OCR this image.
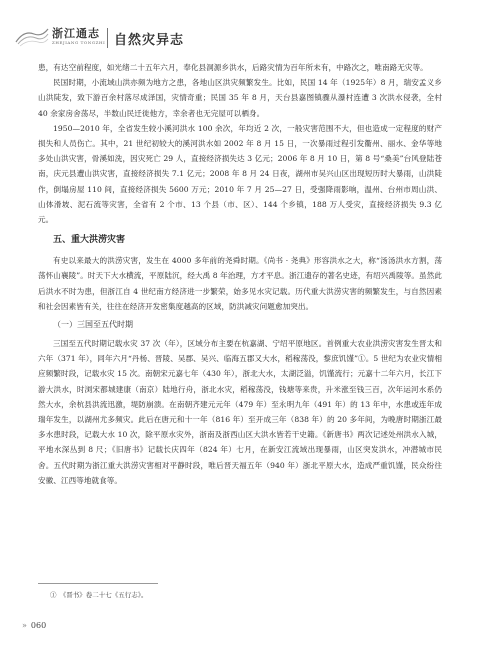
浙江通志
ZHEJIANG TONGZHI 自然灾异志

患，有达空前程度，如光绪二十五年六月，奉化县洞源乡洪水，后路灾情为百年所未有，中路次之，唯南路无灾等。

民国时期，小流域山洪亦频为地方之患，各地山区洪灾频繁发生。比如，民国 14 年（1925年）8 月，瑞安孟义乡山洪陡发，致下游百余村落尽成泽国，灾情奇重；民国 35 年 8 月，天台县嘉图镇骤从瀑村连遭 3 次洪水侵袭，全村 40 余家房舍荡尽，半数山民迁徙他方，幸余者也无完屋可以栖身。

1950—2010 年，全省发生较小溪河洪水 100 余次，年均近 2 次，一般灾害范围不大，但也造成一定程度的财产损失和人员伤亡。其中，21 世纪初较大的溪河洪水如 2002 年 8 月 15 日，一次暴雨过程引发衢州、丽水、金华等地多处山洪灾害，骨溪如洗，因灾死亡 29 人，直接经济损失达 3 亿元；2006 年 8 月 10 日，第 8 号“桑美”台风登陆苍南，庆元县遭山洪灾害，直接经济损失 7.1 亿元；2008 年 8 月 24 日夜，湖州市吴兴山区出现短历时大暴雨，山洪陡作，倒塌房屋 110 间，直接经济损失 5600 万元；2010 年 7 月 25—27 日，受强降雨影响，温州、台州市周山洪、山体滑坡、泥石流等灾害，全省有 2 个市、13 个县（市、区）、144 个乡镇，188 万人受灾，直接经济损失 9.3 亿元。

五、重大洪涝灾害

有史以来最大的洪涝灾害，发生在 4000 多年前的尧舜时期。《尚书 · 尧典》形容洪水之大，称“汤汤洪水方割，荡荡怀山襄陵”。时天下大水横流，平原陆沉，经大禹 8 年治理，方才平息。浙江遗存的著名史迹，有绍兴禹陵等。虽然此后洪水不时为患，但浙江自 4 世纪南方经济进一步繁荣，始多见水灾记载。历代重大洪涝灾害的频繁发生，与自然因素和社会因素皆有关，往往在经济开发密集度越高的区域，防洪减灾问题愈加突出。

（一）三国至五代时期

三国至五代时期记载水灾 37 次（年），区域分布主要在杭嘉湖、宁绍平原地区。首例重大农业洪涝灾害发生晋太和六年（371 年），同年六月“丹杨、晋陵、吴郡、吴兴、临海五郡又大水，稻稼荡没，黎庶饥馑”①。5 世纪为农业灾情相应频繁时段，记载水灾 15 次。南朝宋元嘉七年（430 年），浙北大水，太湖泛溢，饥馑流行；元嘉十二年六月，长江下游大洪水，时浏宋都城建康（南京）陆地行舟，浙北水灾，稻稼荡没，钱塘等来贵，升米涨至钱三百，次年运河水系仍然大水，余杭县洪流迅激，堤防崩溃。在南朝齐建元元年（479 年）至永明九年（491 年）的 13 年中，水患或连年成瑞年发生，以湖州尤多频灾。此后在唐元和十一年（816 年）至开成三年（838 年）的 20 多年间，为晚唐时期浙江最多水患时段，记载大水 10 次，除平原水灾外，浙南及浙西山区大洪水皆若干史籍。《新唐书》两次记述处州洪水入城，平地水深丛到 8 尺；《旧唐书》记载长庆四年（824 年）七月，在新安江流域出现暴雨，山区突发洪水，冲潜城市民舍。五代时期为浙江重大洪涝灾害相对平静时段，唯后晋天福五年（940 年）浙北平原大水，造成严重饥馑，民众纷往安徽、江西等地就食等。

①　《晋书》卷二十七《五行志》。
» 060
